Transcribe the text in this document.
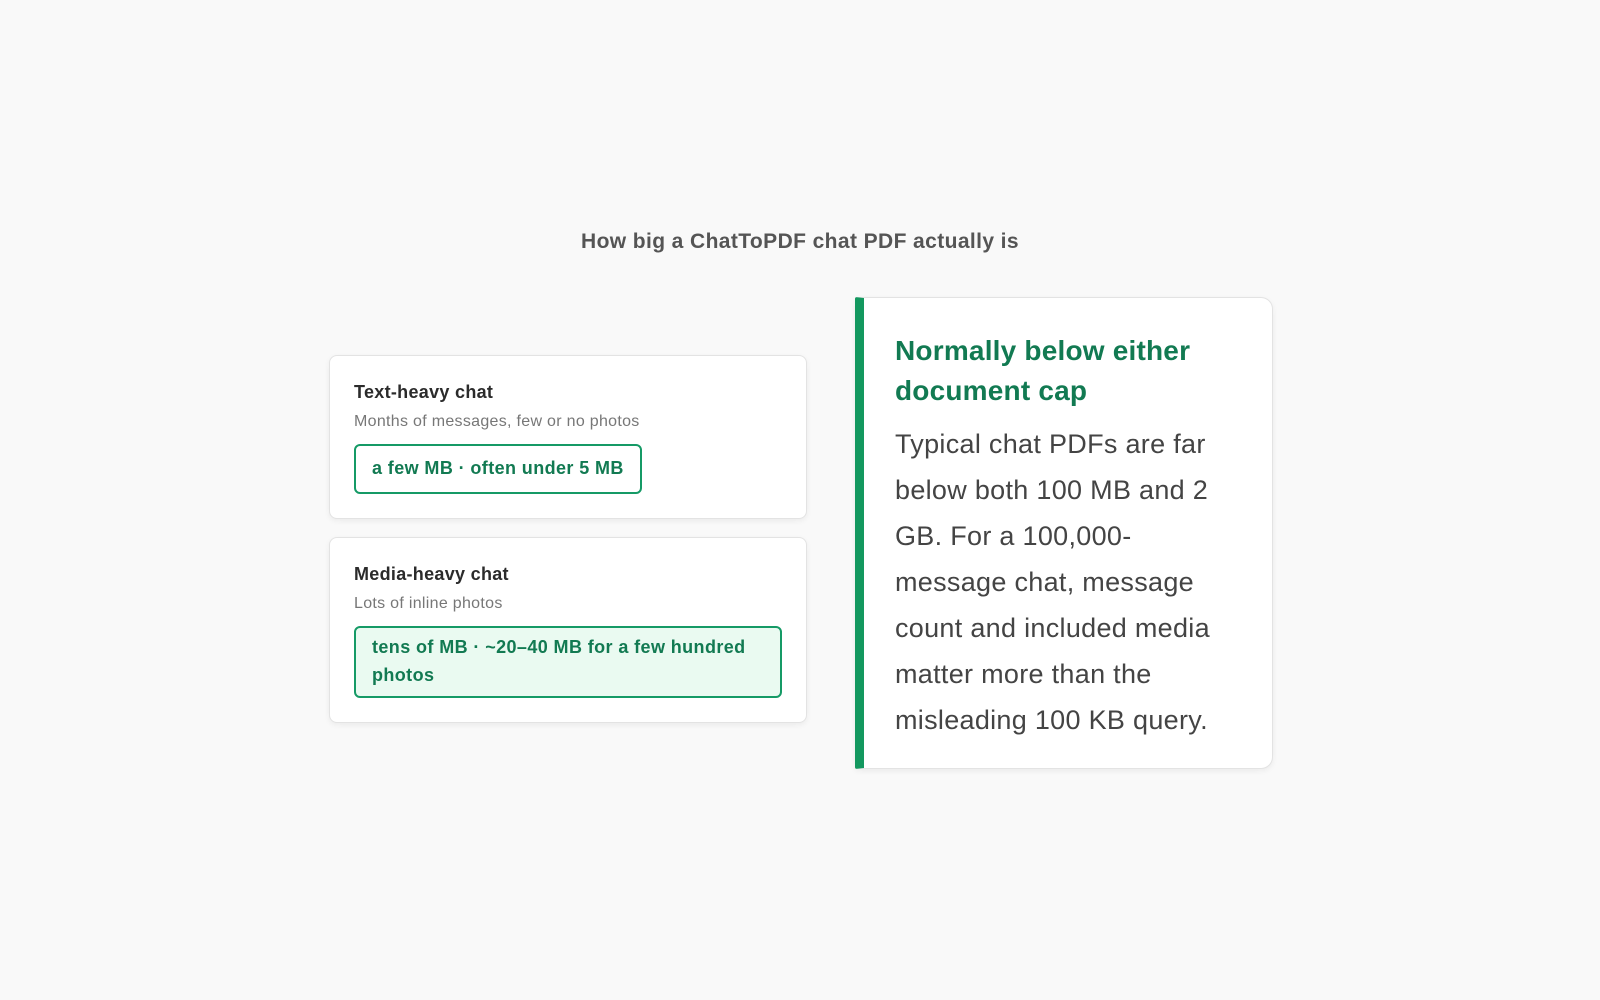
How big a ChatToPDF chat PDF actually is
Text-heavy chat
Months of messages, few or no photos
a few MB · often under 5 MB
Media-heavy chat
Lots of inline photos
tens of MB · ~20–40 MB for a few hundred photos
Normally below either document cap
Typical chat PDFs are far below both 100 MB and 2 GB. For a 100,000-message chat, message count and included media matter more than the misleading 100 KB query.
